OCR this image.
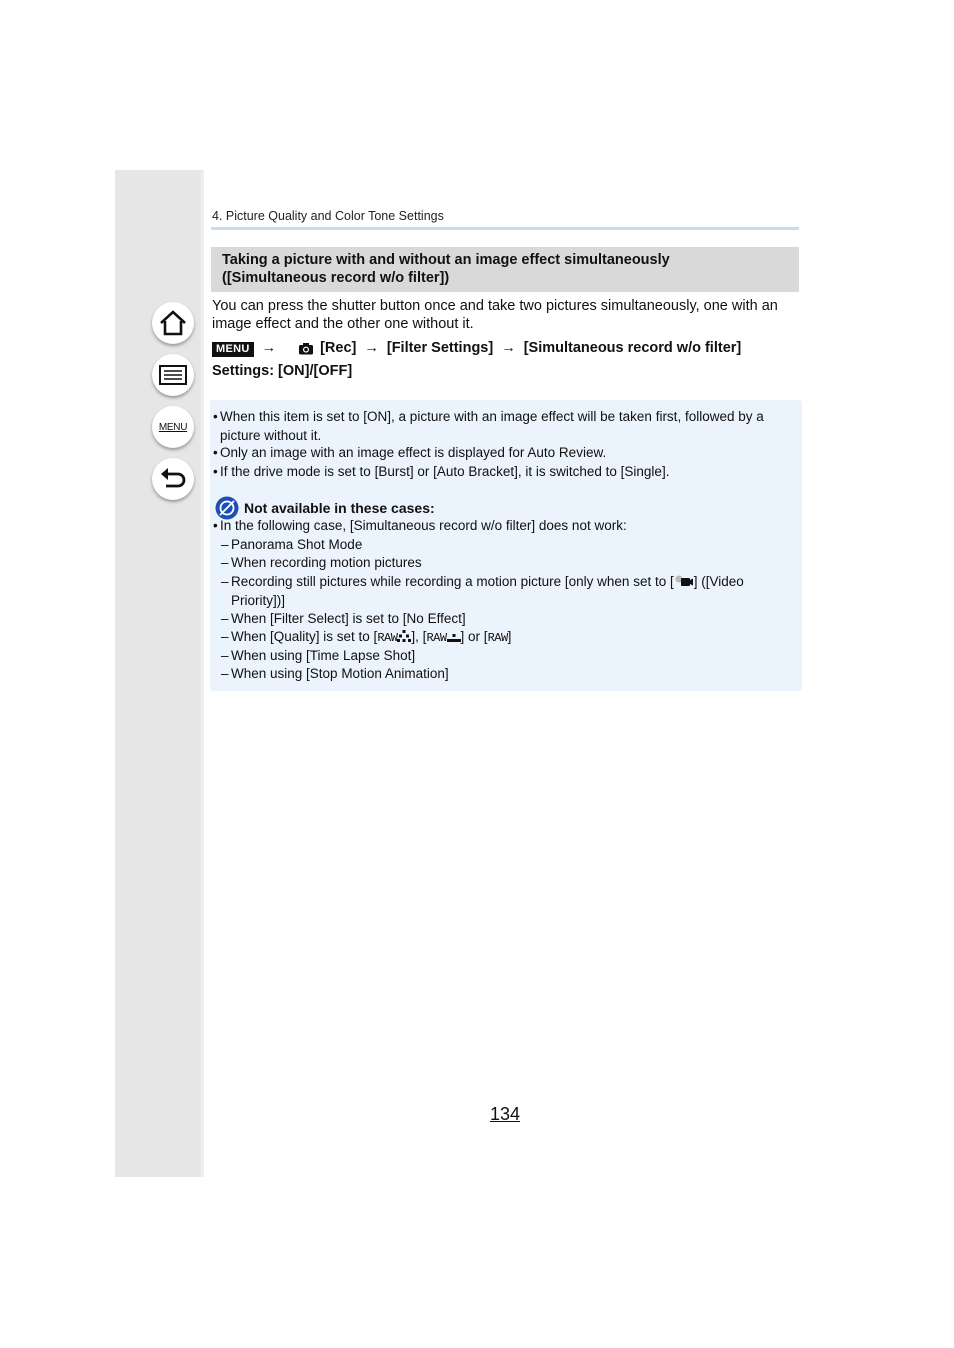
MENU
4. Picture Quality and Color Tone Settings
Taking a picture with and without an image effect simultaneously
([Simultaneous record w/o filter])
You can press the shutter button once and take two pictures simultaneously, one with an image effect and the other one without it.
MENU →	[Rec] → [Filter Settings] → [Simultaneous record w/o filter]
Settings: [ON]/[OFF]
• When this item is set to [ON], a picture with an image effect will be taken first, followed by a picture without it.
• Only an image with an image effect is displayed for Auto Review.
• If the drive mode is set to [Burst] or [Auto Bracket], it is switched to [Single].
Not available in these cases:
• In the following case, [Simultaneous record w/o filter] does not work:
– Panorama Shot Mode
– When recording motion pictures
– Recording still pictures while recording a motion picture [only when set to [ ] ([Video Priority])]
– When [Filter Select] is set to [No Effect]
– When [Quality] is set to [RAW ], [RAW ] or [RAW]
– When using [Time Lapse Shot]
– When using [Stop Motion Animation]
134
